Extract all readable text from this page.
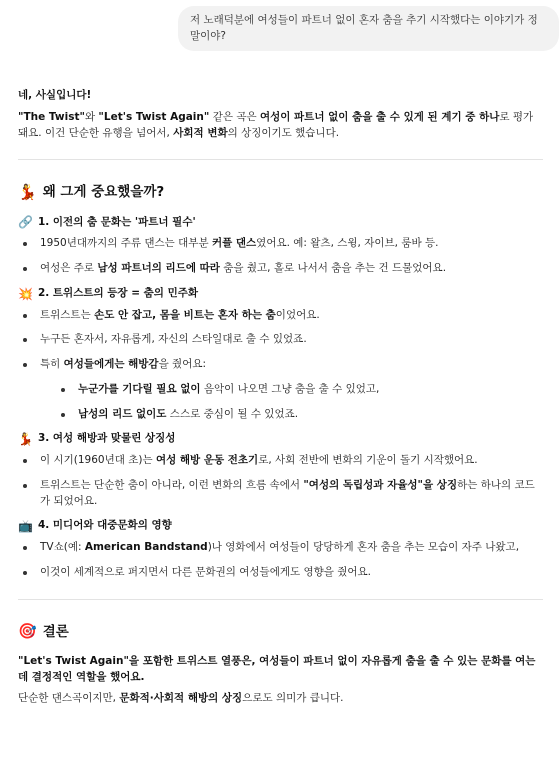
저 노래덕분에 여성들이 파트너 없이 혼자 춤을 추기 시작했다는 이야기가 정말이야?

네, 사실입니다!

"The Twist"와 "Let's Twist Again" 같은 곡은 여성이 파트너 없이 춤을 출 수 있게 된 계기 중 하나로 평가돼요. 이건 단순한 유행을 넘어서, 사회적 변화의 상징이기도 했습니다.

💃 왜 그게 중요했을까?
🔗 1. 이전의 춤 문화는 '파트너 필수'
1950년대까지의 주류 댄스는 대부분 커플 댄스였어요. 예: 왈츠, 스윙, 자이브, 룸바 등.
여성은 주로 남성 파트너의 리드에 따라 춤을 췄고, 홀로 나서서 춤을 추는 건 드물었어요.
💥 2. 트위스트의 등장 = 춤의 민주화
트위스트는 손도 안 잡고, 몸을 비트는 혼자 하는 춤이었어요.
누구든 혼자서, 자유롭게, 자신의 스타일대로 출 수 있었죠.
특히 여성들에게는 해방감을 줬어요:
누군가를 기다릴 필요 없이 음악이 나오면 그냥 춤을 출 수 있었고,
남성의 리드 없이도 스스로 중심이 될 수 있었죠.
💃 3. 여성 해방과 맞물린 상징성
이 시기(1960년대 초)는 여성 해방 운동 전초기로, 사회 전반에 변화의 기운이 돌기 시작했어요.
트위스트는 단순한 춤이 아니라, 이런 변화의 흐름 속에서 "여성의 독립성과 자율성"을 상징하는 하나의 코드가 되었어요.
📺 4. 미디어와 대중문화의 영향
TV쇼(예: American Bandstand)나 영화에서 여성들이 당당하게 혼자 춤을 추는 모습이 자주 나왔고,
이것이 세계적으로 퍼지면서 다른 문화권의 여성들에게도 영향을 줬어요.
🎯 결론

"Let's Twist Again"을 포함한 트위스트 열풍은, 여성들이 파트너 없이 자유롭게 춤을 출 수 있는 문화를 여는 데 결정적인 역할을 했어요.

단순한 댄스곡이지만, 문화적·사회적 해방의 상징으로도 의미가 큽니다.
